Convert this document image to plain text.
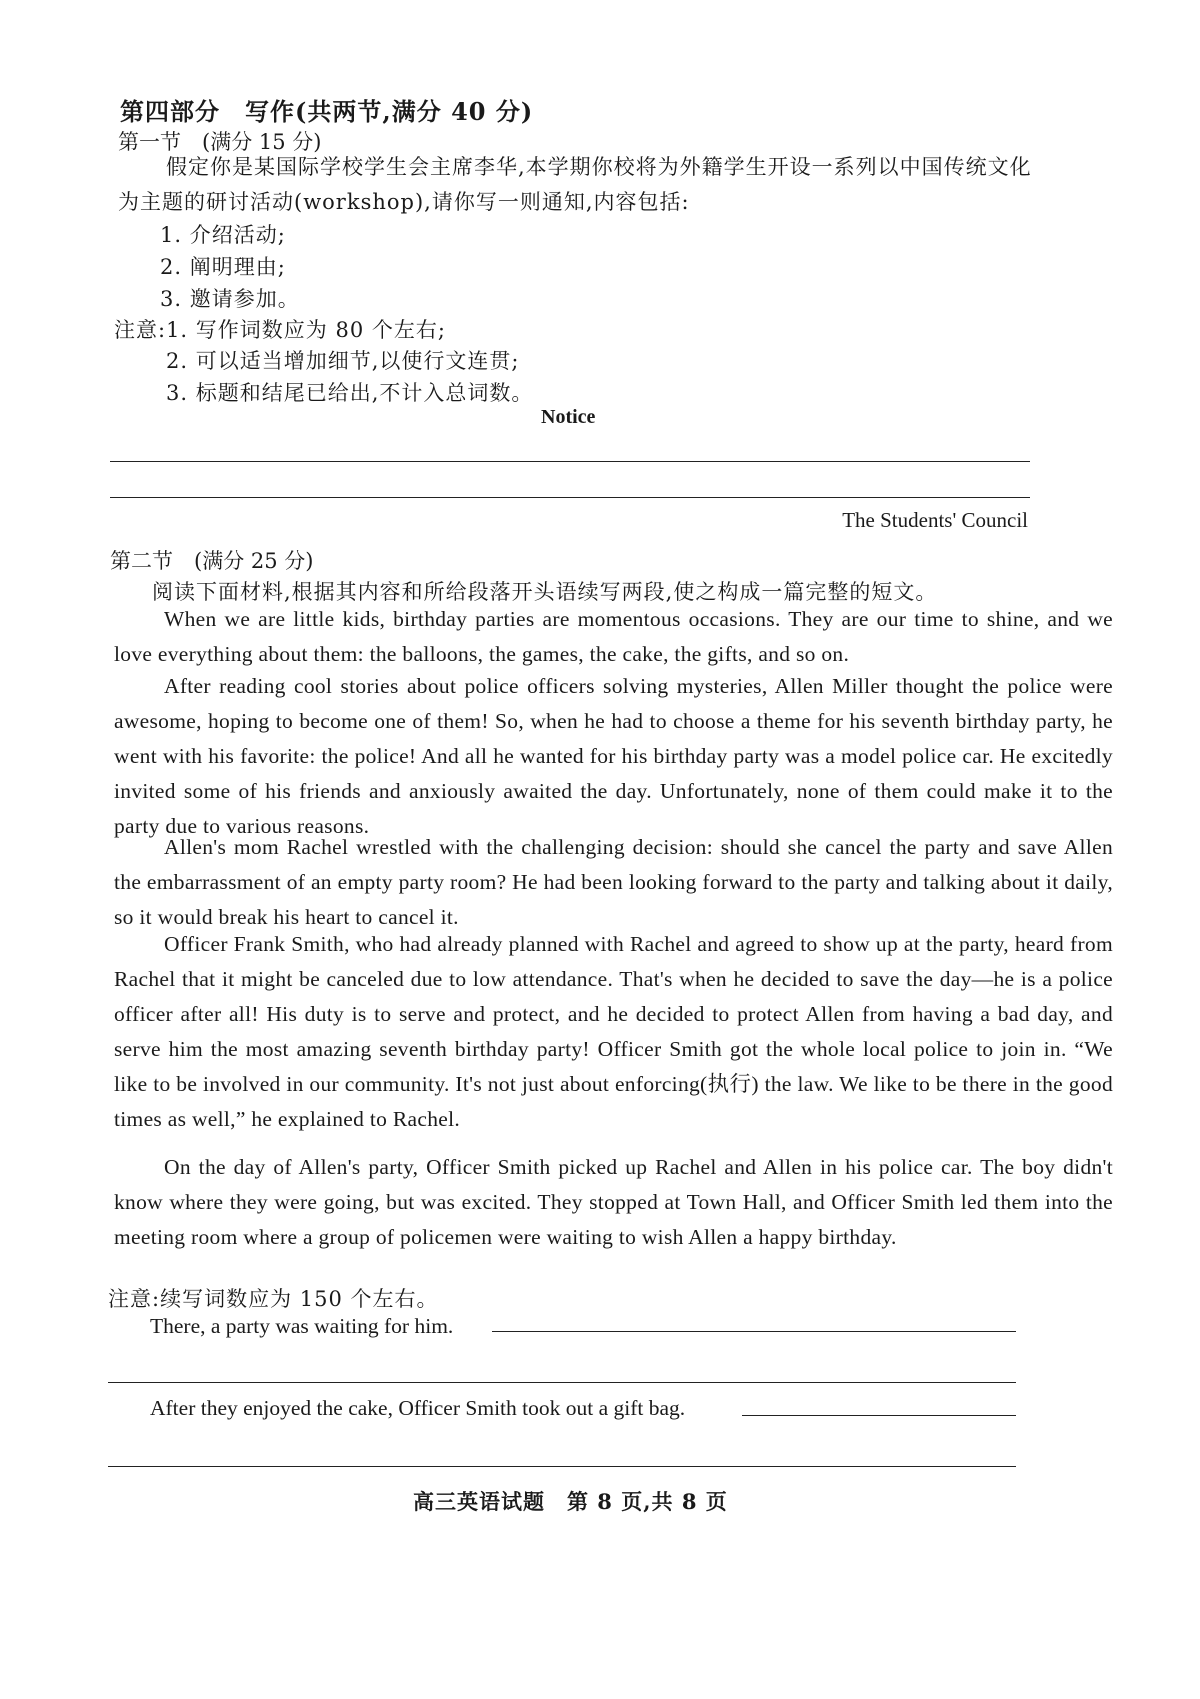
第四部分　写作(共两节,满分 40 分)
第一节　(满分 15 分)
假定你是某国际学校学生会主席李华,本学期你校将为外籍学生开设一系列以中国传统文化
为主题的研讨活动(workshop),请你写一则通知,内容包括:
1. 介绍活动;
2. 阐明理由;
3. 邀请参加。
注意:1. 写作词数应为 80 个左右;
2. 可以适当增加细节,以使行文连贯;
3. 标题和结尾已给出,不计入总词数。
Notice
The Students' Council
第二节　(满分 25 分)
阅读下面材料,根据其内容和所给段落开头语续写两段,使之构成一篇完整的短文。

When we are little kids, birthday parties are momentous occasions. They are our time to shine, and we love everything about them: the balloons, the games, the cake, the gifts, and so on.

After reading cool stories about police officers solving mysteries, Allen Miller thought the police were awesome, hoping to become one of them! So, when he had to choose a theme for his seventh birthday party, he went with his favorite: the police! And all he wanted for his birthday party was a model police car. He excitedly invited some of his friends and anxiously awaited the day. Unfortunately, none of them could make it to the party due to various reasons.

Allen's mom Rachel wrestled with the challenging decision: should she cancel the party and save Allen the embarrassment of an empty party room? He had been looking forward to the party and talking about it daily, so it would break his heart to cancel it.

Officer Frank Smith, who had already planned with Rachel and agreed to show up at the party, heard from Rachel that it might be canceled due to low attendance. That's when he decided to save the day—he is a police officer after all! His duty is to serve and protect, and he decided to protect Allen from having a bad day, and serve him the most amazing seventh birthday party! Officer Smith got the whole local police to join in. “We like to be involved in our community. It's not just about enforcing(执行) the law. We like to be there in the good times as well,” he explained to Rachel.

On the day of Allen's party, Officer Smith picked up Rachel and Allen in his police car. The boy didn't know where they were going, but was excited. They stopped at Town Hall, and Officer Smith led them into the meeting room where a group of policemen were waiting to wish Allen a happy birthday.

注意:续写词数应为 150 个左右。
There, a party was waiting for him.
After they enjoyed the cake, Officer Smith took out a gift bag.
高三英语试题　第 8 页,共 8 页
